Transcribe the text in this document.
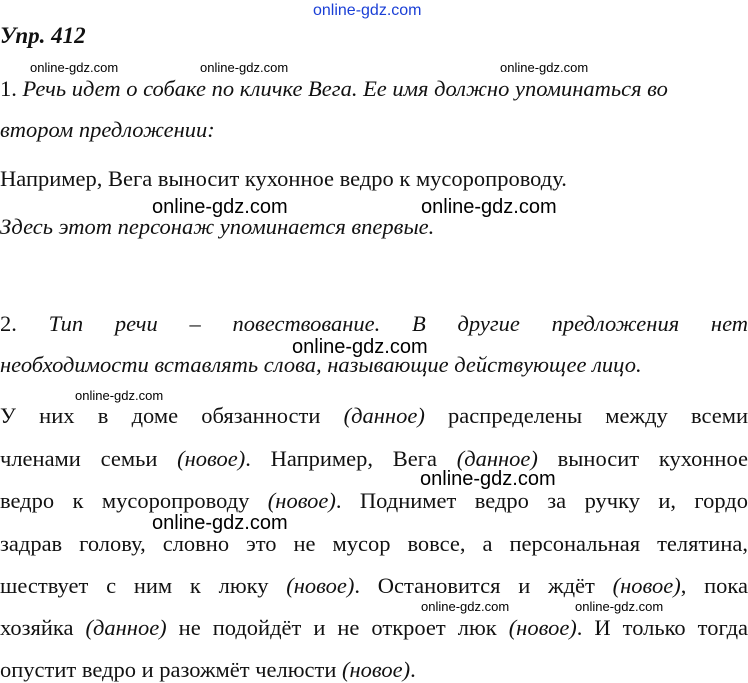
online-gdz.com
online-gdz.com	online-gdz.com	online-gdz.com
online-gdz.com	online-gdz.com
online-gdz.com
online-gdz.com
online-gdz.com
online-gdz.com
online-gdz.com	online-gdz.com
Упр. 412
1. Речь идет о собаке по кличке Вега. Ее имя должно упоминаться во
втором предложении:
Например, Вега выносит кухонное ведро к мусоропроводу.
Здесь этот персонаж упоминается впервые.
2. Тип речи – повествование. В другие предложения нет
необходимости вставлять слова, называющие действующее лицо.
У них в доме обязанности (данное) распределены между всеми
членами семьи (новое). Например, Вега (данное) выносит кухонное
ведро к мусоропроводу (новое). Поднимет ведро за ручку и, гордо
задрав голову, словно это не мусор вовсе, а персональная телятина,
шествует с ним к люку (новое). Остановится и ждёт (новое), пока
хозяйка (данное) не подойдёт и не откроет люк (новое). И только тогда
опустит ведро и разожмёт челюсти (новое).
